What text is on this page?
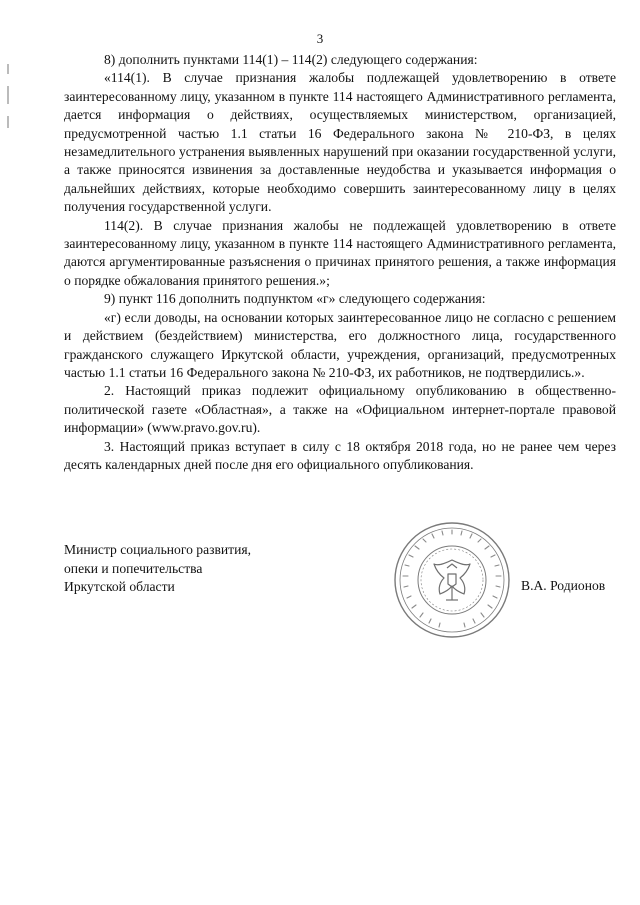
3

8) дополнить пунктами 114(1) – 114(2) следующего содержания:

«114(1). В случае признания жалобы подлежащей удовлетворению в ответе заинтересованному лицу, указанном в пункте 114 настоящего Административного регламента, дается информация о действиях, осуществляемых министерством, организацией, предусмотренной частью 1.1 статьи 16 Федерального закона № 210-ФЗ, в целях незамедлительного устранения выявленных нарушений при оказании государственной услуги, а также приносятся извинения за доставленные неудобства и указывается информация о дальнейших действиях, которые необходимо совершить заинтересованному лицу в целях получения государственной услуги.

114(2). В случае признания жалобы не подлежащей удовлетворению в ответе заинтересованному лицу, указанном в пункте 114 настоящего Административного регламента, даются аргументированные разъяснения о причинах принятого решения, а также информация о порядке обжалования принятого решения.»;

9) пункт 116 дополнить подпунктом «г» следующего содержания:

«г) если доводы, на основании которых заинтересованное лицо не согласно с решением и действием (бездействием) министерства, его должностного лица, государственного гражданского служащего Иркутской области, учреждения, организаций, предусмотренных частью 1.1 статьи 16 Федерального закона № 210-ФЗ, их работников, не подтвердились.».

2. Настоящий приказ подлежит официальному опубликованию в общественно-политической газете «Областная», а также на «Официальном интернет-портале правовой информации» (www.pravo.gov.ru).

3. Настоящий приказ вступает в силу с 18 октября 2018 года, но не ранее чем через десять календарных дней после дня его официального опубликования.

Министр социального развития,
опеки и попечительства
Иркутской области	В.А. Родионов
